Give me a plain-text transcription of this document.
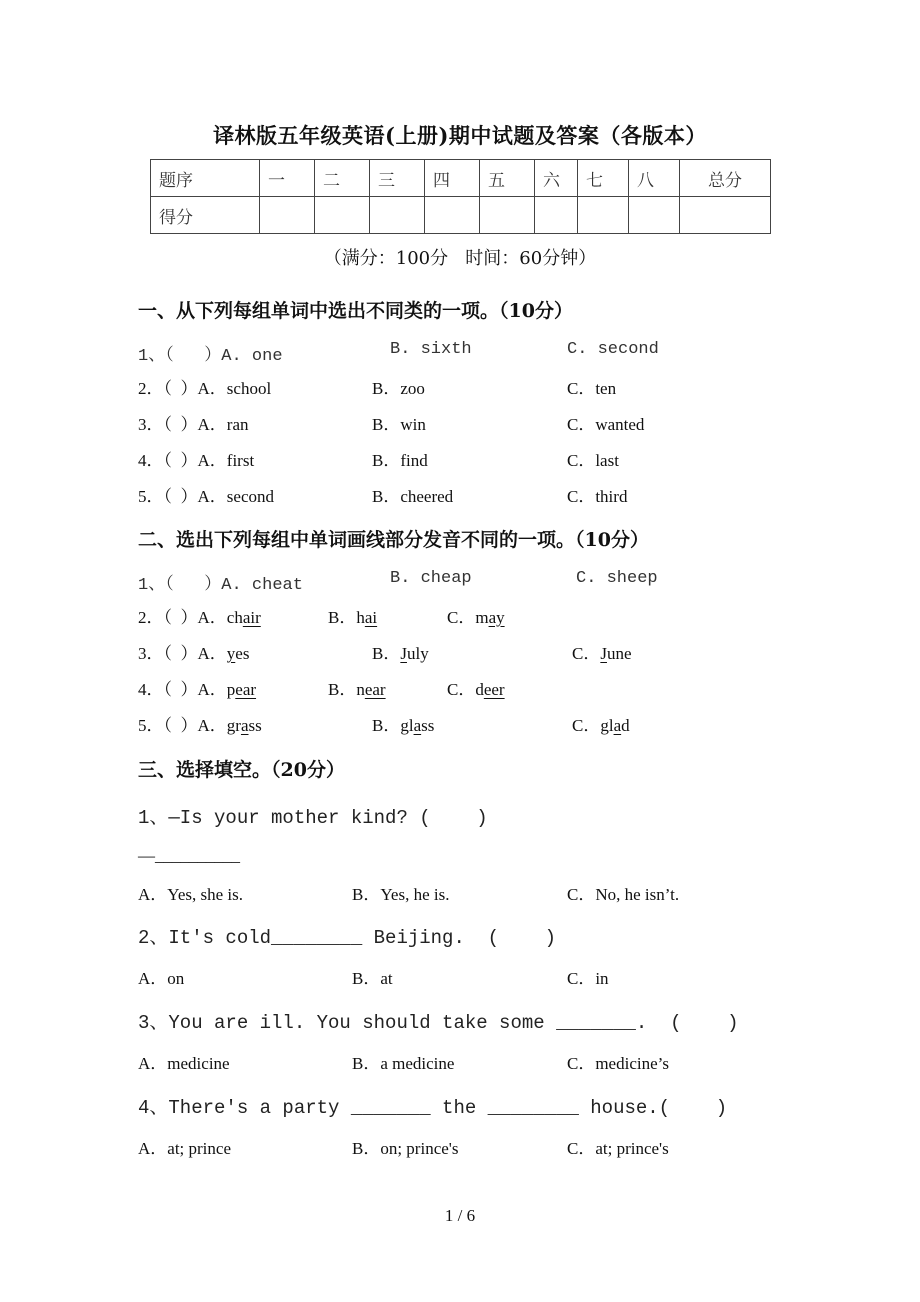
译林版五年级英语(上册)期中试题及答案（各版本）
题序	一	二	三	四	五	六	七	八	总分
得分									
（满分：100分   时间：60分钟）
一、从下列每组单词中选出不同类的一项。（10分）
1、（   ）A. one	B. sixth	C. second
2．（  ）A．school	B．zoo	C．ten
3．（  ）A．ran	B．win	C．wanted
4．（  ）A．first	B．find	C．last
5．（  ）A．second	B．cheered	C．third
二、选出下列每组中单词画线部分发音不同的一项。（10分）
1、（   ）A. cheat	B. cheap	C. sheep
2．（  ）A．chair	B．hai	C．may
3．（  ）A．yes	B．July	C．June
4．（  ）A．pear	B．near	C．deer
5．（  ）A．grass	B．glass	C．glad
三、选择填空。（20分）
1、—Is your mother kind? (    )
—__________
A．Yes, she is.	B．Yes, he is.	C．No, he isn’t.
2、It's cold________ Beijing.  (    )
A．on	B．at	C．in
3、You are ill. You should take some _______.  (    )
A．medicine	B．a medicine	C．medicine’s
4、There's a party _______ the ________ house.(    )
A．at; prince	B．on; prince's	C．at; prince's
1 / 6
